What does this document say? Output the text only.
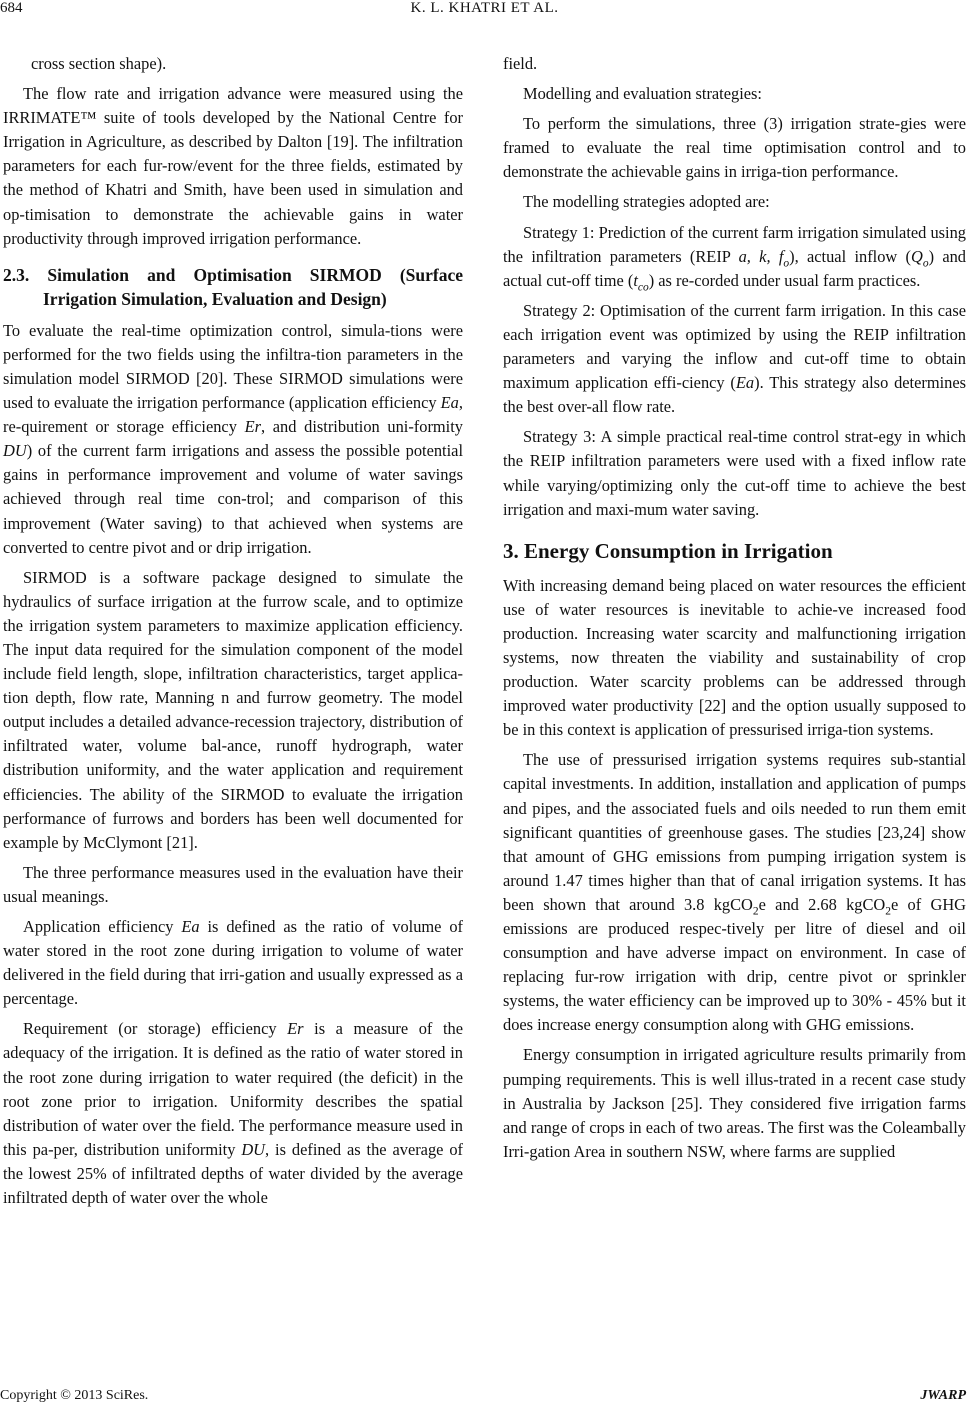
684	K. L. KHATRI ET AL.

cross section shape).

The flow rate and irrigation advance were measured using the IRRIMATE™ suite of tools developed by the National Centre for Irrigation in Agriculture, as described by Dalton [19]. The infiltration parameters for each fur-row/event for the three fields, estimated by the method of Khatri and Smith, have been used in simulation and op-timisation to demonstrate the achievable gains in water productivity through improved irrigation performance.

2.3. Simulation and Optimisation SIRMOD (Surface Irrigation Simulation, Evaluation and Design)

To evaluate the real-time optimization control, simula-tions were performed for the two fields using the infiltra-tion parameters in the simulation model SIRMOD [20]. These SIRMOD simulations were used to evaluate the irrigation performance (application efficiency Ea, re-quirement or storage efficiency Er, and distribution uni-formity DU) of the current farm irrigations and assess the possible potential gains in performance improvement and volume of water savings achieved through real time con-trol; and comparison of this improvement (Water saving) to that achieved when systems are converted to centre pivot and or drip irrigation.

SIRMOD is a software package designed to simulate the hydraulics of surface irrigation at the furrow scale, and to optimize the irrigation system parameters to maximize application efficiency. The input data required for the simulation component of the model include field length, slope, infiltration characteristics, target applica-tion depth, flow rate, Manning n and furrow geometry. The model output includes a detailed advance-recession trajectory, distribution of infiltrated water, volume bal-ance, runoff hydrograph, water distribution uniformity, and the water application and requirement efficiencies. The ability of the SIRMOD to evaluate the irrigation performance of furrows and borders has been well documented for example by McClymont [21].

The three performance measures used in the evaluation have their usual meanings.

Application efficiency Ea is defined as the ratio of volume of water stored in the root zone during irrigation to volume of water delivered in the field during that irri-gation and usually expressed as a percentage.

Requirement (or storage) efficiency Er is a measure of the adequacy of the irrigation. It is defined as the ratio of water stored in the root zone during irrigation to water required (the deficit) in the root zone prior to irrigation. Uniformity describes the spatial distribution of water over the field. The performance measure used in this pa-per, distribution uniformity DU, is defined as the average of the lowest 25% of infiltrated depths of water divided by the average infiltrated depth of water over the whole

field.

Modelling and evaluation strategies:

To perform the simulations, three (3) irrigation strate-gies were framed to evaluate the real time optimisation control and to demonstrate the achievable gains in irriga-tion performance.

The modelling strategies adopted are:

Strategy 1: Prediction of the current farm irrigation simulated using the infiltration parameters (REIP a, k, $f_o$), actual inflow $(Q_o)$ and actual cut-off time $(t_{co})$ as re-corded under usual farm practices.

Strategy 2: Optimisation of the current farm irrigation. In this case each irrigation event was optimized by using the REIP infiltration parameters and varying the inflow and cut-off time to obtain maximum application effi-ciency (Ea). This strategy also determines the best over-all flow rate.

Strategy 3: A simple practical real-time control strat-egy in which the REIP infiltration parameters were used with a fixed inflow rate while varying/optimizing only the cut-off time to achieve the best irrigation and maxi-mum water saving.

3. Energy Consumption in Irrigation

With increasing demand being placed on water resources the efficient use of water resources is inevitable to achie-ve increased food production. Increasing water scarcity and malfunctioning irrigation systems, now threaten the viability and sustainability of crop production. Water scarcity problems can be addressed through improved water productivity [22] and the option usually supposed to be in this context is application of pressurised irriga-tion systems.

The use of pressurised irrigation systems requires sub-stantial capital investments. In addition, installation and application of pumps and pipes, and the associated fuels and oils needed to run them emit significant quantities of greenhouse gases. The studies [23,24] show that amount of GHG emissions from pumping irrigation system is around 1.47 times higher than that of canal irrigation systems. It has been shown that around 3.8 kgCO$_2$e and 2.68 kgCO$_2$e of GHG emissions are produced respec-tively per litre of diesel and oil consumption and have adverse impact on environment. In case of replacing fur-row irrigation with drip, centre pivot or sprinkler systems, the water efficiency can be improved up to 30% - 45% but it does increase energy consumption along with GHG emissions.

Energy consumption in irrigated agriculture results primarily from pumping requirements. This is well illus-trated in a recent case study in Australia by Jackson [25]. They considered five irrigation farms and range of crops in each of two areas. The first was the Coleambally Irri-gation Area in southern NSW, where farms are supplied

Copyright © 2013 SciRes.	JWARP
